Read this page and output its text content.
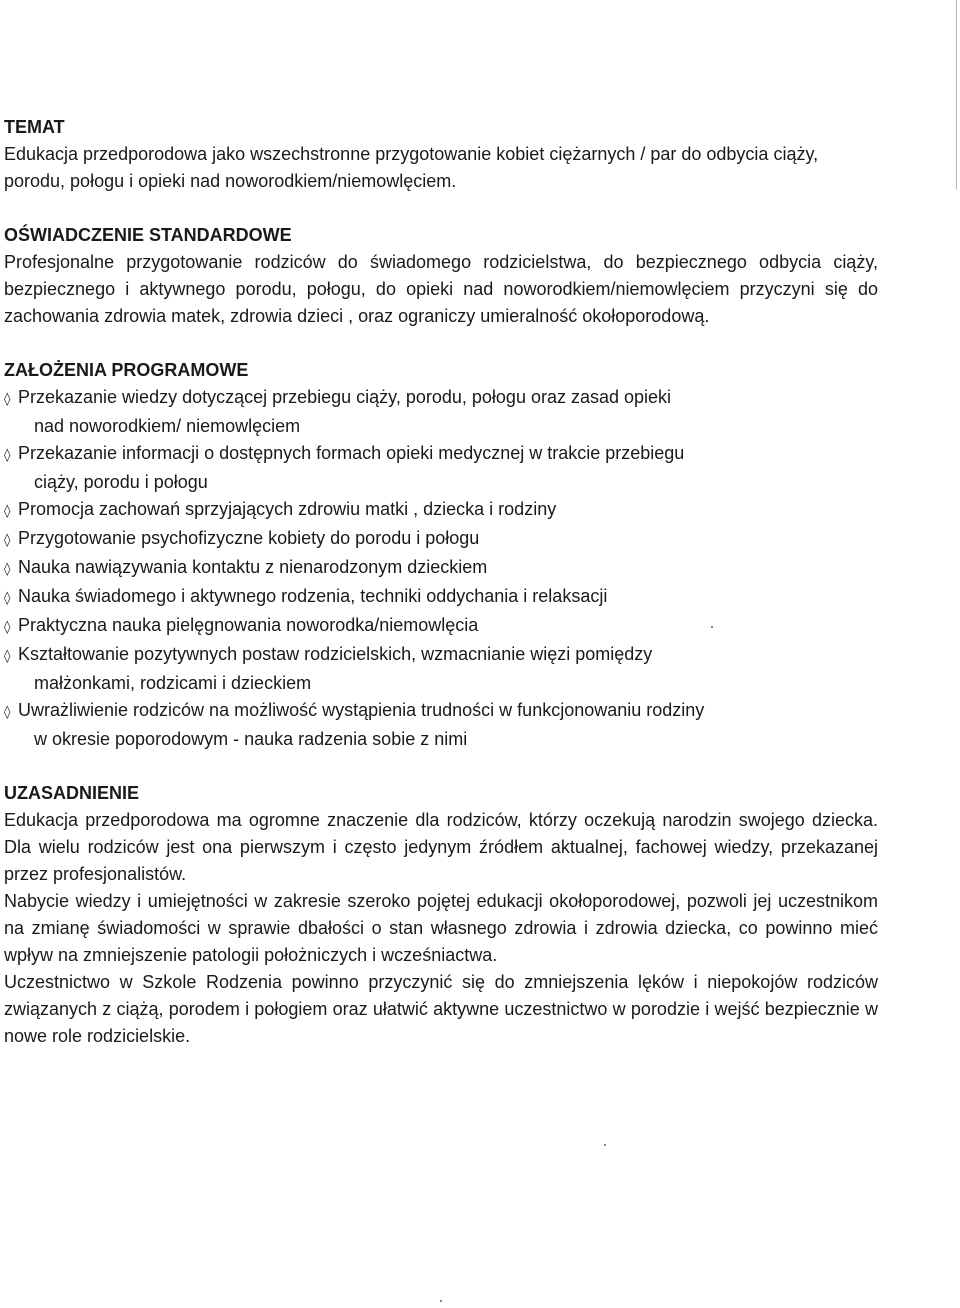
TEMAT

Edukacja przedporodowa jako wszechstronne przygotowanie kobiet ciężarnych / par do odbycia ciąży, porodu, połogu i opieki nad noworodkiem/niemowlęciem.

OŚWIADCZENIE STANDARDOWE

Profesjonalne przygotowanie rodziców do świadomego rodzicielstwa, do bezpiecznego odbycia ciąży, bezpiecznego i aktywnego porodu, połogu, do opieki nad noworodkiem/niemowlęciem przyczyni się do zachowania zdrowia matek, zdrowia dzieci , oraz ograniczy umieralność okołoporodową.

ZAŁOŻENIA PROGRAMOWE

◊ Przekazanie wiedzy dotyczącej przebiegu ciąży, porodu, połogu oraz zasad opieki
nad noworodkiem/ niemowlęciem
◊ Przekazanie informacji o dostępnych formach opieki medycznej w trakcie przebiegu
ciąży, porodu i połogu
◊ Promocja zachowań sprzyjających zdrowiu matki , dziecka i rodziny
◊ Przygotowanie psychofizyczne kobiety do porodu i połogu
◊ Nauka nawiązywania kontaktu z nienarodzonym dzieckiem
◊ Nauka świadomego i aktywnego rodzenia, techniki oddychania i relaksacji
◊ Praktyczna nauka pielęgnowania noworodka/niemowlęcia
◊ Kształtowanie pozytywnych postaw rodzicielskich, wzmacnianie więzi pomiędzy
małżonkami, rodzicami i dzieckiem
◊ Uwrażliwienie rodziców na możliwość wystąpienia trudności w funkcjonowaniu rodziny
w okresie poporodowym - nauka radzenia sobie z nimi

UZASADNIENIE

Edukacja przedporodowa ma ogromne znaczenie dla rodziców, którzy oczekują narodzin swojego dziecka. Dla wielu rodziców jest ona pierwszym i często jedynym źródłem aktualnej, fachowej wiedzy, przekazanej przez profesjonalistów.

Nabycie wiedzy i umiejętności w zakresie szeroko pojętej edukacji okołoporodowej, pozwoli jej uczestnikom na zmianę świadomości w sprawie dbałości o stan własnego zdrowia i zdrowia dziecka, co powinno mieć wpływ na zmniejszenie patologii położniczych i wcześniactwa.

Uczestnictwo w Szkole Rodzenia powinno przyczynić się do zmniejszenia lęków i niepokojów rodziców związanych z ciążą, porodem i połogiem oraz ułatwić aktywne uczestnictwo w porodzie i wejść bezpiecznie w nowe role rodzicielskie.
